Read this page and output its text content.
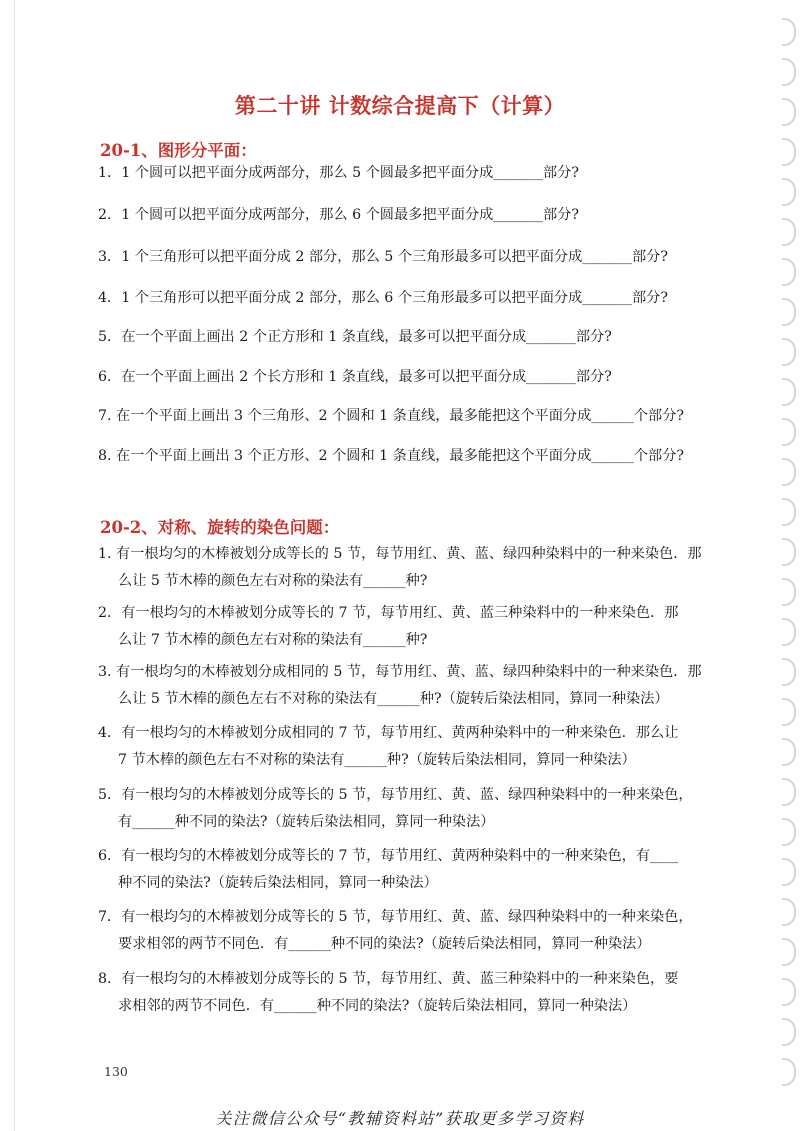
第二十讲 计数综合提高下（计算）
20-1、图形分平面：

1．1 个圆可以把平面分成两部分，那么 5 个圆最多把平面分成_______部分?

2．1 个圆可以把平面分成两部分，那么 6 个圆最多把平面分成_______部分?

3．1 个三角形可以把平面分成 2 部分，那么 5 个三角形最多可以把平面分成_______部分?

4．1 个三角形可以把平面分成 2 部分，那么 6 个三角形最多可以把平面分成_______部分?

5．在一个平面上画出 2 个正方形和 1 条直线，最多可以把平面分成_______部分?

6．在一个平面上画出 2 个长方形和 1 条直线，最多可以把平面分成_______部分?

7. 在一个平面上画出 3 个三角形、2 个圆和 1 条直线，最多能把这个平面分成______个部分?

8. 在一个平面上画出 3 个正方形、2 个圆和 1 条直线，最多能把这个平面分成______个部分?

20-2、对称、旋转的染色问题：

1. 有一根均匀的木棒被划分成等长的 5 节，每节用红、黄、蓝、绿四种染料中的一种来染色．那
么让 5 节木棒的颜色左右对称的染法有______种?

2．有一根均匀的木棒被划分成等长的 7 节，每节用红、黄、蓝三种染料中的一种来染色．那
么让 7 节木棒的颜色左右对称的染法有______种?

3. 有一根均匀的木棒被划分成相同的 5 节，每节用红、黄、蓝、绿四种染料中的一种来染色．那
么让 5 节木棒的颜色左右不对称的染法有______种?（旋转后染法相同，算同一种染法）

4．有一根均匀的木棒被划分成相同的 7 节，每节用红、黄两种染料中的一种来染色．那么让
7 节木棒的颜色左右不对称的染法有______种?（旋转后染法相同，算同一种染法）

5．有一根均匀的木棒被划分成等长的 5 节，每节用红、黄、蓝、绿四种染料中的一种来染色，
有______种不同的染法?（旋转后染法相同，算同一种染法）

6．有一根均匀的木棒被划分成等长的 7 节，每节用红、黄两种染料中的一种来染色，有____
种不同的染法?（旋转后染法相同，算同一种染法）

7．有一根均匀的木棒被划分成等长的 5 节，每节用红、黄、蓝、绿四种染料中的一种来染色，
要求相邻的两节不同色．有______种不同的染法?（旋转后染法相同，算同一种染法）

8．有一根均匀的木棒被划分成等长的 5 节，每节用红、黄、蓝三种染料中的一种来染色，要
求相邻的两节不同色．有______种不同的染法?（旋转后染法相同，算同一种染法）

130
关注微信公众号“教辅资料站”获取更多学习资料
